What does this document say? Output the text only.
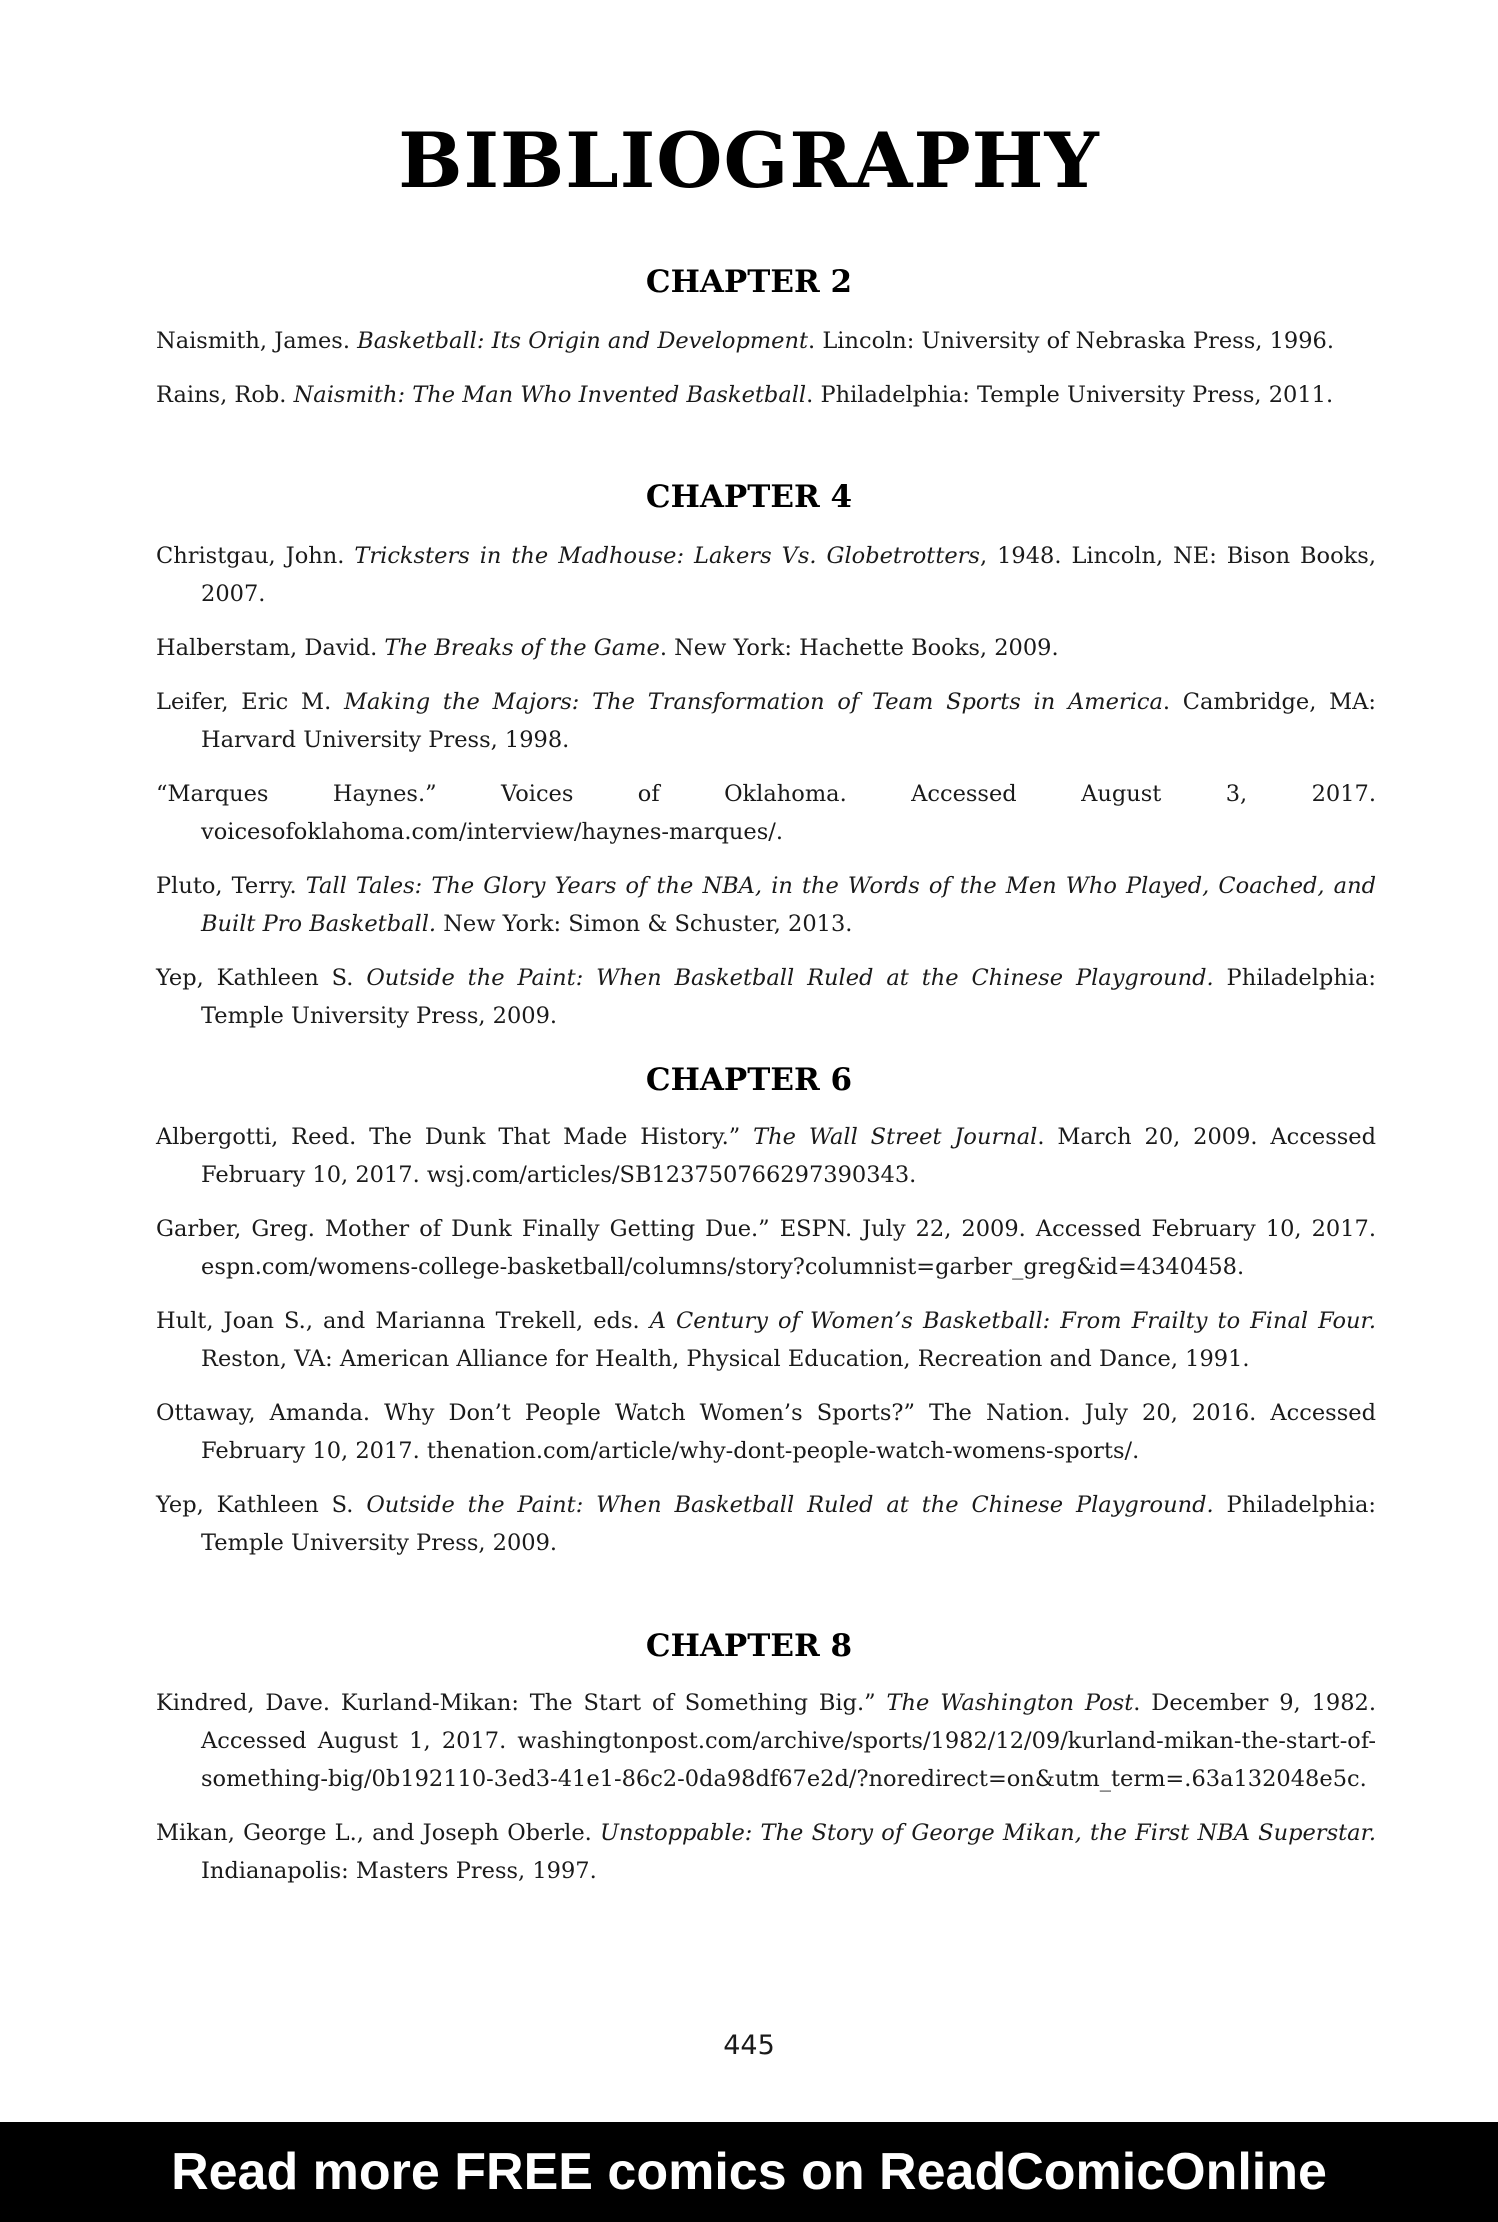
BIBLIOGRAPHY
CHAPTER 2
Naismith, James. Basketball: Its Origin and Development. Lincoln: University of Nebraska Press, 1996.
Rains, Rob. Naismith: The Man Who Invented Basketball. Philadelphia: Temple University Press, 2011.
CHAPTER 4
Christgau, John. Tricksters in the Madhouse: Lakers Vs. Globetrotters, 1948. Lincoln, NE: Bison Books, 2007.
Halberstam, David. The Breaks of the Game. New York: Hachette Books, 2009.
Leifer, Eric M. Making the Majors: The Transformation of Team Sports in America. Cambridge, MA: Harvard University Press, 1998.
“Marques Haynes.” Voices of Oklahoma. Accessed August 3, 2017. voicesofoklahoma.com/interview/haynes-marques/.
Pluto, Terry. Tall Tales: The Glory Years of the NBA, in the Words of the Men Who Played, Coached, and Built Pro Basketball. New York: Simon & Schuster, 2013.
Yep, Kathleen S. Outside the Paint: When Basketball Ruled at the Chinese Playground. Philadelphia: Temple University Press, 2009.
CHAPTER 6
Albergotti, Reed. The Dunk That Made History.” The Wall Street Journal. March 20, 2009. Accessed February 10, 2017. wsj.com/articles/SB123750766297390343.
Garber, Greg. Mother of Dunk Finally Getting Due.” ESPN. July 22, 2009. Accessed February 10, 2017. espn.com/womens-college-basketball/columns/story?columnist=garber_greg&id=4340458.
Hult, Joan S., and Marianna Trekell, eds. A Century of Women’s Basketball: From Frailty to Final Four. Reston, VA: American Alliance for Health, Physical Education, Recreation and Dance, 1991.
Ottaway, Amanda. Why Don’t People Watch Women’s Sports?” The Nation. July 20, 2016. Accessed February 10, 2017. thenation.com/article/why-dont-people-watch-womens-sports/.
Yep, Kathleen S. Outside the Paint: When Basketball Ruled at the Chinese Playground. Philadelphia: Temple University Press, 2009.
CHAPTER 8
Kindred, Dave. Kurland-Mikan: The Start of Something Big.” The Washington Post. December 9, 1982. Accessed August 1, 2017. washingtonpost.com/archive/sports/1982/12/09/kurland-mikan-the-start-of-something-big/0b192110-3ed3-41e1-86c2-0da98df67e2d/?noredirect=on&utm_term=.63a132048e5c.
Mikan, George L., and Joseph Oberle. Unstoppable: The Story of George Mikan, the First NBA Superstar. Indianapolis: Masters Press, 1997.
445
Read more FREE comics on ReadComicOnline
